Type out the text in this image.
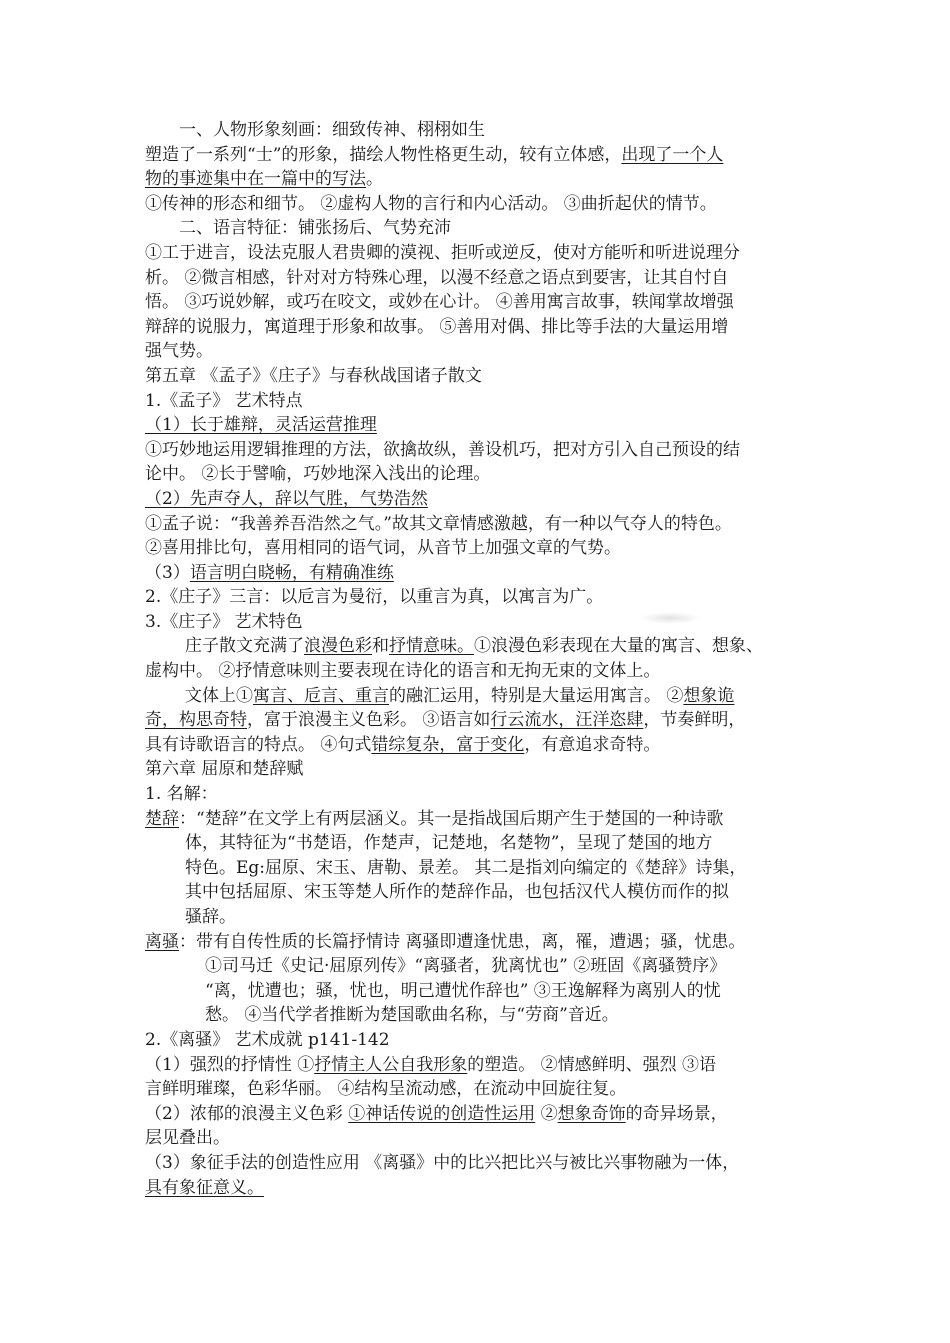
一、人物形象刻画：细致传神、栩栩如生
塑造了一系列“士”的形象，描绘人物性格更生动，较有立体感，出现了一个人
物的事迹集中在一篇中的写法。
①传神的形态和细节。 ②虚构人物的言行和内心活动。 ③曲折起伏的情节。
二、语言特征：铺张扬后、气势充沛
①工于进言，设法克服人君贵卿的漠视、拒听或逆反，使对方能听和听进说理分
析。 ②微言相感，针对对方特殊心理，以漫不经意之语点到要害，让其自忖自
悟。 ③巧说妙解，或巧在咬文，或妙在心计。 ④善用寓言故事，轶闻掌故增强
辩辞的说服力，寓道理于形象和故事。 ⑤善用对偶、排比等手法的大量运用增
强气势。
第五章 《孟子》《庄子》与春秋战国诸子散文
1.《孟子》 艺术特点
（1）长于雄辩，灵活运营推理
①巧妙地运用逻辑推理的方法，欲擒故纵，善设机巧，把对方引入自己预设的结
论中。 ②长于譬喻，巧妙地深入浅出的论理。
（2）先声夺人，辞以气胜，气势浩然
①孟子说：“我善养吾浩然之气。”故其文章情感激越，有一种以气夺人的特色。
②喜用排比句，喜用相同的语气词，从音节上加强文章的气势。
（3）语言明白晓畅，有精确准练
2.《庄子》三言：以卮言为曼衍，以重言为真，以寓言为广。
3.《庄子》 艺术特色
庄子散文充满了浪漫色彩和抒情意味。①浪漫色彩表现在大量的寓言、想象、
虚构中。 ②抒情意味则主要表现在诗化的语言和无拘无束的文体上。
文体上①寓言、卮言、重言的融汇运用，特别是大量运用寓言。 ②想象诡
奇，构思奇特，富于浪漫主义色彩。 ③语言如行云流水，汪洋恣肆，节奏鲜明，
具有诗歌语言的特点。 ④句式错综复杂，富于变化，有意追求奇特。
第六章 屈原和楚辞赋
1. 名解：
楚辞：“楚辞”在文学上有两层涵义。其一是指战国后期产生于楚国的一种诗歌
体，其特征为“书楚语，作楚声，记楚地，名楚物”，呈现了楚国的地方
特色。Eg:屈原、宋玉、唐勒、景差。 其二是指刘向编定的《楚辞》诗集，
其中包括屈原、宋玉等楚人所作的楚辞作品，也包括汉代人模仿而作的拟
骚辞。
离骚：带有自传性质的长篇抒情诗 离骚即遭逢忧患，离，罹，遭遇；骚，忧患。
①司马迁《史记·屈原列传》“离骚者，犹离忧也” ②班固《离骚赞序》
“离，忧遭也；骚，忧也，明己遭忧作辞也” ③王逸解释为离别人的忧
愁。 ④当代学者推断为楚国歌曲名称，与“劳商”音近。
2.《离骚》 艺术成就 p141-142
（1）强烈的抒情性 ①抒情主人公自我形象的塑造。 ②情感鲜明、强烈 ③语
言鲜明璀璨，色彩华丽。 ④结构呈流动感，在流动中回旋往复。
（2）浓郁的浪漫主义色彩 ①神话传说的创造性运用 ②想象奇饰的奇异场景，
层见叠出。
（3）象征手法的创造性应用 《离骚》中的比兴把比兴与被比兴事物融为一体，
具有象征意义。
